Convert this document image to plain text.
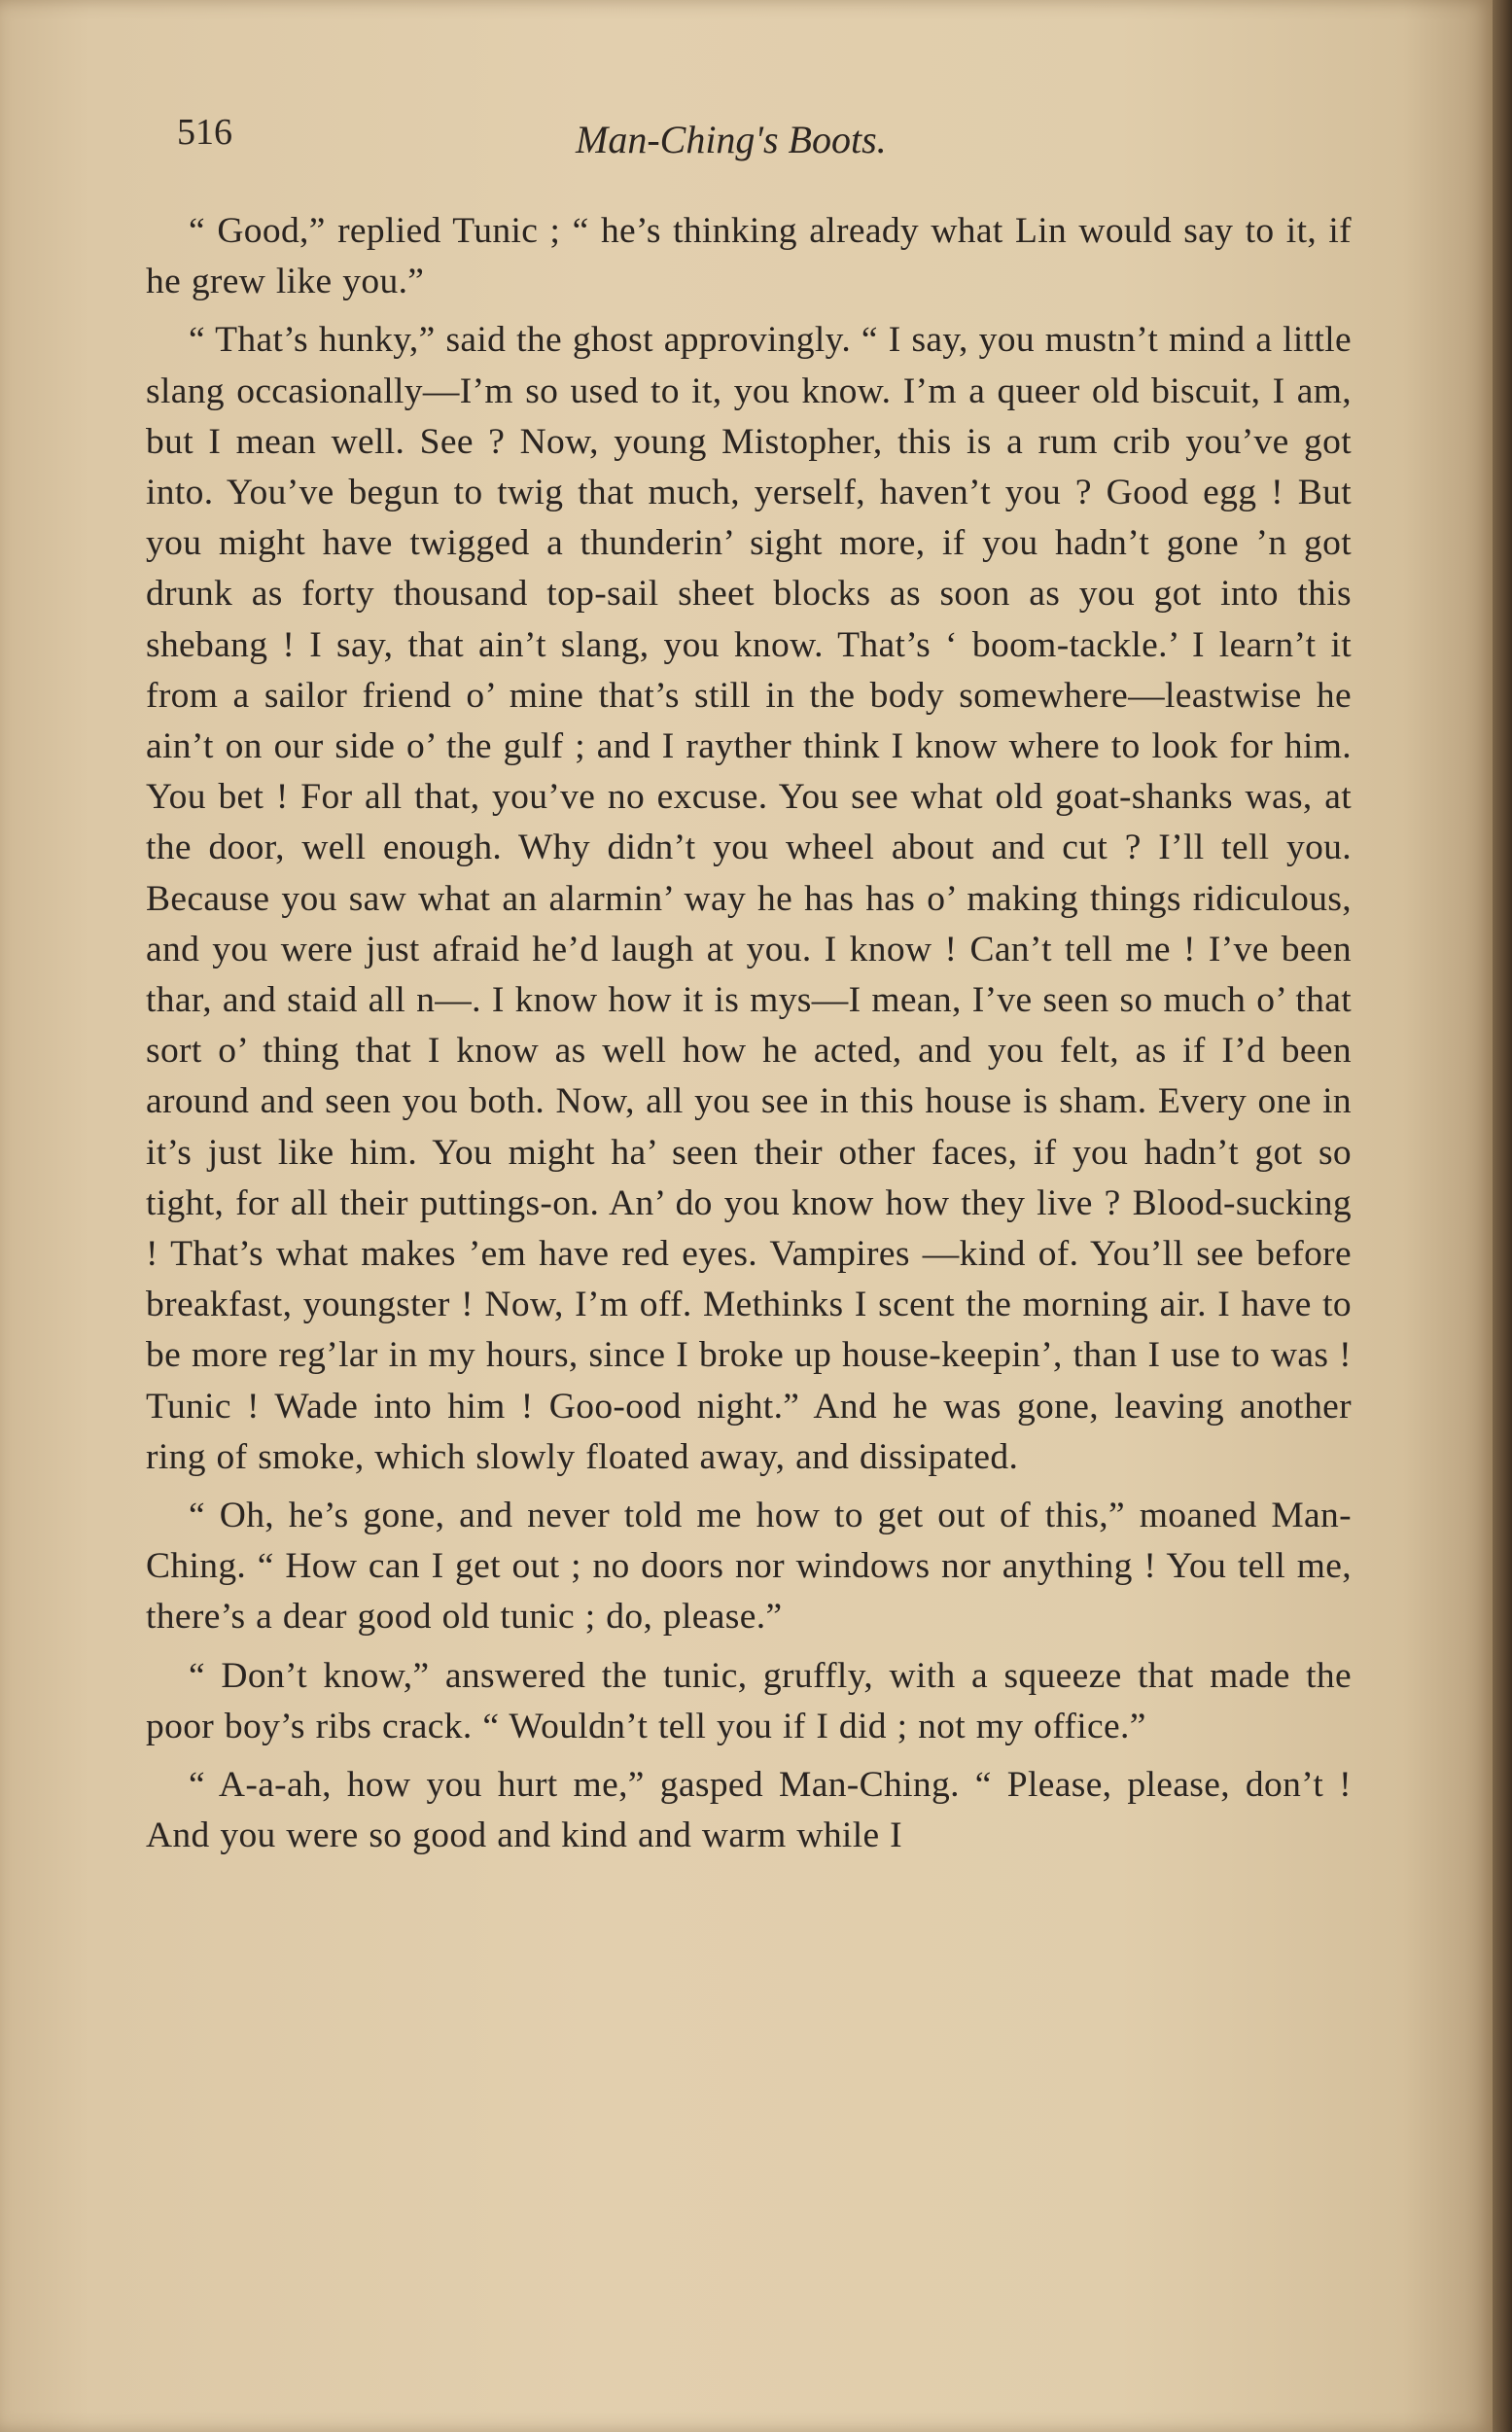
516	Man-Ching's Boots.

“ Good,” replied Tunic ; “ he’s thinking already what Lin would say to it, if he grew like you.”

“ That’s hunky,” said the ghost approvingly. “ I say, you mustn’t mind a little slang occasionally—I’m so used to it, you know. I’m a queer old biscuit, I am, but I mean well. See ? Now, young Mistopher, this is a rum crib you’ve got into. You’ve begun to twig that much, yerself, haven’t you ? Good egg ! But you might have twigged a thunderin’ sight more, if you hadn’t gone ’n got drunk as forty thousand top-sail sheet blocks as soon as you got into this shebang ! I say, that ain’t slang, you know. That’s ‘ boom-tackle.’ I learn’t it from a sailor friend o’ mine that’s still in the body somewhere—leastwise he ain’t on our side o’ the gulf ; and I rayther think I know where to look for him. You bet ! For all that, you’ve no excuse. You see what old goat-shanks was, at the door, well enough. Why didn’t you wheel about and cut ? I’ll tell you. Because you saw what an alarmin’ way he has has o’ making things ridiculous, and you were just afraid he’d laugh at you. I know ! Can’t tell me ! I’ve been thar, and staid all n—. I know how it is mys—I mean, I’ve seen so much o’ that sort o’ thing that I know as well how he acted, and you felt, as if I’d been around and seen you both. Now, all you see in this house is sham. Every one in it’s just like him. You might ha’ seen their other faces, if you hadn’t got so tight, for all their puttings-on. An’ do you know how they live ? Blood-sucking ! That’s what makes ’em have red eyes. Vampires —kind of. You’ll see before breakfast, youngster ! Now, I’m off. Methinks I scent the morning air. I have to be more reg’lar in my hours, since I broke up house-keepin’, than I use to was ! Tunic ! Wade into him ! Goo-ood night.” And he was gone, leaving another ring of smoke, which slowly floated away, and dissipated.

“ Oh, he’s gone, and never told me how to get out of this,” moaned Man-Ching. “ How can I get out ; no doors nor windows nor anything ! You tell me, there’s a dear good old tunic ; do, please.”

“ Don’t know,” answered the tunic, gruffly, with a squeeze that made the poor boy’s ribs crack. “ Wouldn’t tell you if I did ; not my office.”

“ A-a-ah, how you hurt me,” gasped Man-Ching. “ Please, please, don’t ! And you were so good and kind and warm while I
